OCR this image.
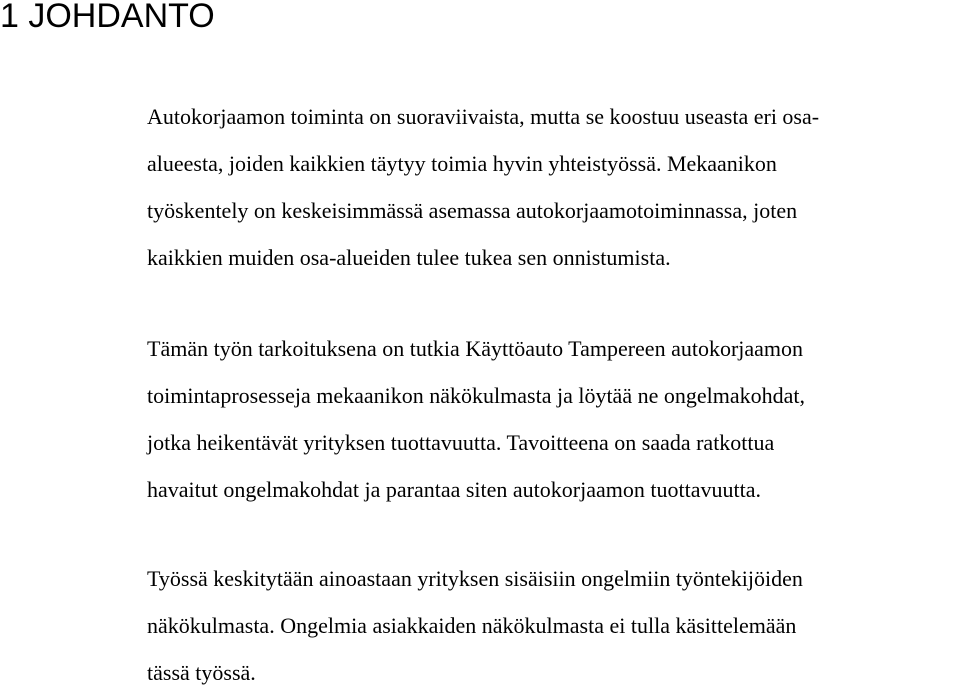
1 JOHDANTO
Autokorjaamon toiminta on suoraviivaista, mutta se koostuu useasta eri osa-
alueesta, joiden kaikkien täytyy toimia hyvin yhteistyössä. Mekaanikon
työskentely on keskeisimmässä asemassa autokorjaamotoiminnassa, joten
kaikkien muiden osa-alueiden tulee tukea sen onnistumista.
Tämän työn tarkoituksena on tutkia Käyttöauto Tampereen autokorjaamon
toimintaprosesseja mekaanikon näkökulmasta ja löytää ne ongelmakohdat,
jotka heikentävät yrityksen tuottavuutta. Tavoitteena on saada ratkottua
havaitut ongelmakohdat ja parantaa siten autokorjaamon tuottavuutta.
Työssä keskitytään ainoastaan yrityksen sisäisiin ongelmiin työntekijöiden
näkökulmasta. Ongelmia asiakkaiden näkökulmasta ei tulla käsittelemään
tässä työssä.
